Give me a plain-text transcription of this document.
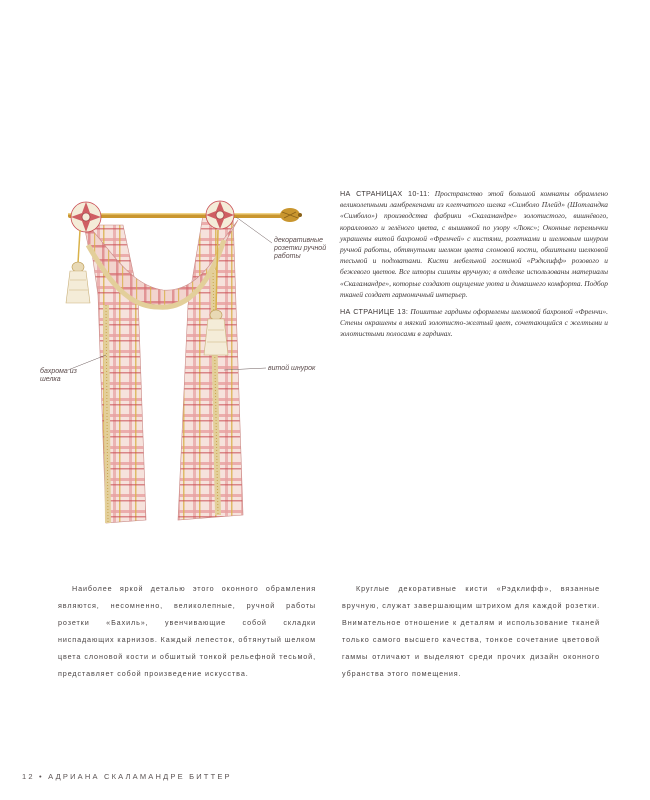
декоративные розетки ручной работы
бахрома из шелка
витой шнурок

НА СТРАНИЦАХ 10-11: Пространство этой большой комнаты обрамлено великолепными ламбрекенами из клетчатого шелка «Симболо Плейд» (Шотландка «Симболо») производства фабрики «Скаламандре» золотистого, вишнёвого, кораллового и зелёного цвета, с вышивкой по узору «Люкс»; Оконные перемычки украшены витой бахромой «Френчей» с кистями, розетками и шелковым шнуром ручной работы, обтянутыми шелком цвета слоновой кости, обшитыми шелковой тесьмой и подхватами. Кисти мебельной гостиной «Рэдклифф» розового и бежевого цветов. Все шторы сшиты вручную; в отделке использованы материалы «Скаламандре», которые создают ощущение уюта и домашнего комфорта. Подбор тканей создает гармоничный интерьер.

НА СТРАНИЦЕ 13: Пошитые гардины оформлены шелковой бахромой «Френчи». Стены окрашены в мягкий золотисто-желтый цвет, сочетающийся с желтыми и золотистыми полосами в гардинах.

Наиболее яркой деталью этого оконного обрамления являются, несомненно, великолепные, ручной работы розетки «Бахиль», увенчивающие собой складки ниспадающих карнизов. Каждый лепесток, обтянутый шелком цвета слоновой кости и обшитый тонкой рельефной тесьмой, представляет собой произведение искусства.

Круглые декоративные кисти «Рэдклифф», вязанные вручную, служат завершающим штрихом для каждой розетки. Внимательное отношение к деталям и использование тканей только самого высшего качества, тонкое сочетание цветовой гаммы отличают и выделяют среди прочих дизайн оконного убранства этого помещения.

12 • АДРИАНА СКАЛАМАНДРЕ БИТТЕР
